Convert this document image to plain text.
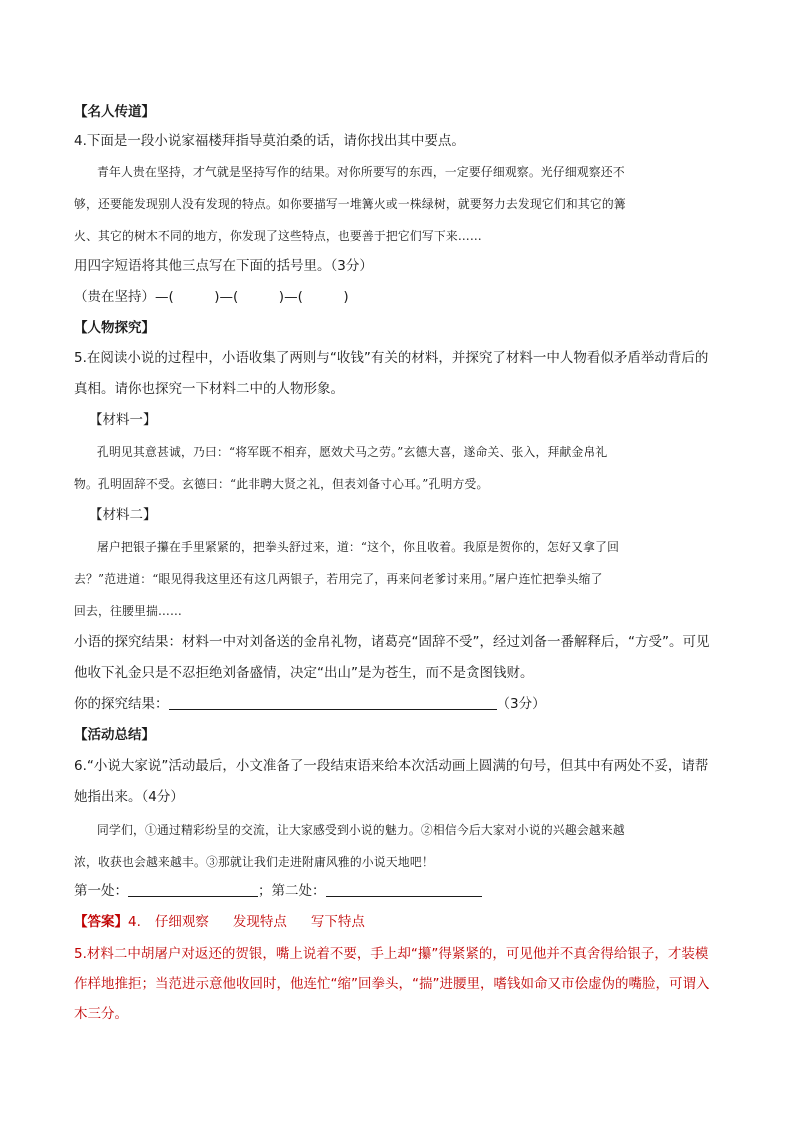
【名人传道】
4.下面是一段小说家福楼拜指导莫泊桑的话，请你找出其中要点。
青年人贵在坚持，才气就是坚持写作的结果。对你所要写的东西，一定要仔细观察。光仔细观察还不
够，还要能发现别人没有发现的特点。如你要描写一堆篝火或一株绿树，就要努力去发现它们和其它的篝
火、其它的树木不同的地方，你发现了这些特点，也要善于把它们写下来……
用四字短语将其他三点写在下面的括号里。（3分）
（贵在坚持）—(　　　)—(　　　)—(　　　)
【人物探究】
5.在阅读小说的过程中，小语收集了两则与“收钱”有关的材料，并探究了材料一中人物看似矛盾举动背后的
真相。请你也探究一下材料二中的人物形象。
【材料一】
孔明见其意甚诚，乃曰：“将军既不相弃，愿效犬马之劳。”玄德大喜，遂命关、张入，拜献金帛礼
物。孔明固辞不受。玄德曰：“此非聘大贤之礼，但表刘备寸心耳。”孔明方受。
【材料二】
屠户把银子攥在手里紧紧的，把拳头舒过来，道：“这个，你且收着。我原是贺你的，怎好又拿了回
去？”范进道：“眼见得我这里还有这几两银子，若用完了，再来问老爹讨来用。”屠户连忙把拳头缩了
回去，往腰里揣……
小语的探究结果：材料一中对刘备送的金帛礼物，诸葛亮“固辞不受”，经过刘备一番解释后，“方受”。可见
他收下礼金只是不忍拒绝刘备盛情，决定“出山”是为苍生，而不是贪图钱财。
你的探究结果：	（3分）
【活动总结】
6.“小说大家说”活动最后，小文准备了一段结束语来给本次活动画上圆满的句号，但其中有两处不妥，请帮
她指出来。（4分）
同学们，①通过精彩纷呈的交流，让大家感受到小说的魅力。②相信今后大家对小说的兴趣会越来越
浓，收获也会越来越丰。③那就让我们走进附庸风雅的小说天地吧！
第一处：	；第二处：
【答案】4. 仔细观察 发现特点 写下特点
5.材料二中胡屠户对返还的贺银，嘴上说着不要，手上却“攥”得紧紧的，可见他并不真舍得给银子，才装模
作样地推拒；当范进示意他收回时，他连忙“缩”回拳头，“揣”进腰里，嗜钱如命又市侩虚伪的嘴脸，可谓入
木三分。
